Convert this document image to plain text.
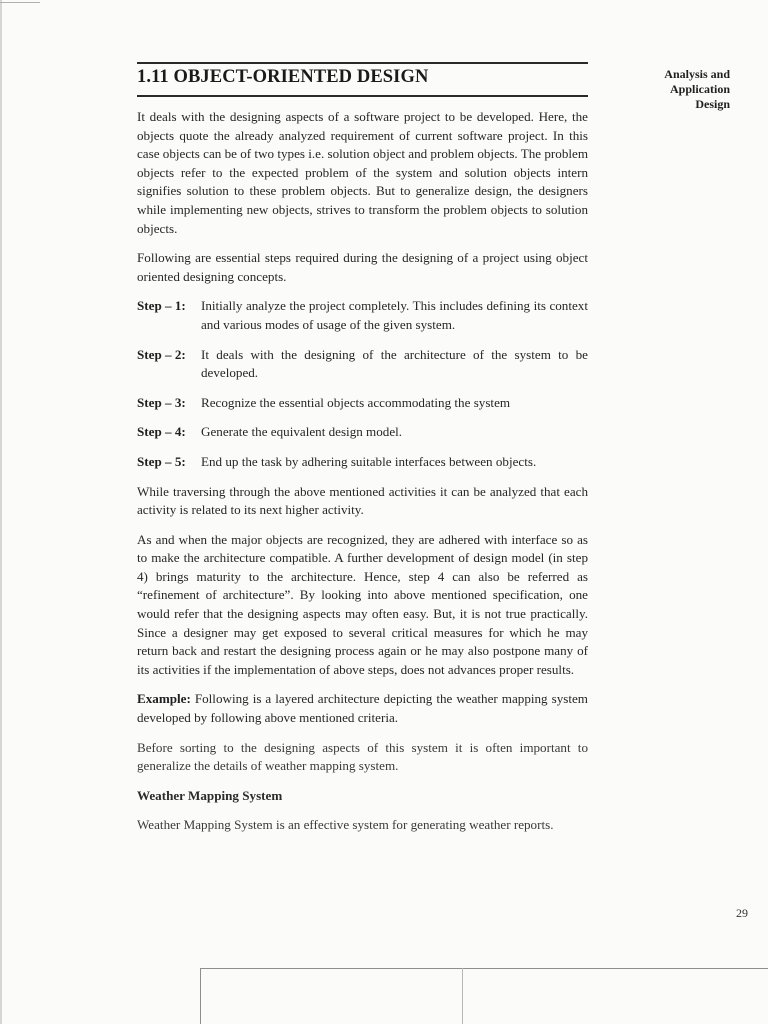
1.11 OBJECT-ORIENTED DESIGN	Analysis and
Application
Design

It deals with the designing aspects of a software project to be developed. Here, the objects quote the already analyzed requirement of current software project. In this case objects can be of two types i.e. solution object and problem objects. The problem objects refer to the expected problem of the system and solution objects intern signifies solution to these problem objects. But to generalize design, the designers while implementing new objects, strives to transform the problem objects to solution objects.

Following are essential steps required during the designing of a project using object oriented designing concepts.

Step – 1:	Initially analyze the project completely. This includes defining its context and various modes of usage of the given system.
Step – 2:	It deals with the designing of the architecture of the system to be developed.
Step – 3:	Recognize the essential objects accommodating the system
Step – 4:	Generate the equivalent design model.
Step – 5:	End up the task by adhering suitable interfaces between objects.

While traversing through the above mentioned activities it can be analyzed that each activity is related to its next higher activity.

As and when the major objects are recognized, they are adhered with interface so as to make the architecture compatible. A further development of design model (in step 4) brings maturity to the architecture. Hence, step 4 can also be referred as “refinement of architecture”. By looking into above mentioned specification, one would refer that the designing aspects may often easy. But, it is not true practically. Since a designer may get exposed to several critical measures for which he may return back and restart the designing process again or he may also postpone many of its activities if the implementation of above steps, does not advances proper results.

Example: Following is a layered architecture depicting the weather mapping system developed by following above mentioned criteria.

Before sorting to the designing aspects of this system it is often important to generalize the details of weather mapping system.

Weather Mapping System

Weather Mapping System is an effective system for generating weather reports.

29
